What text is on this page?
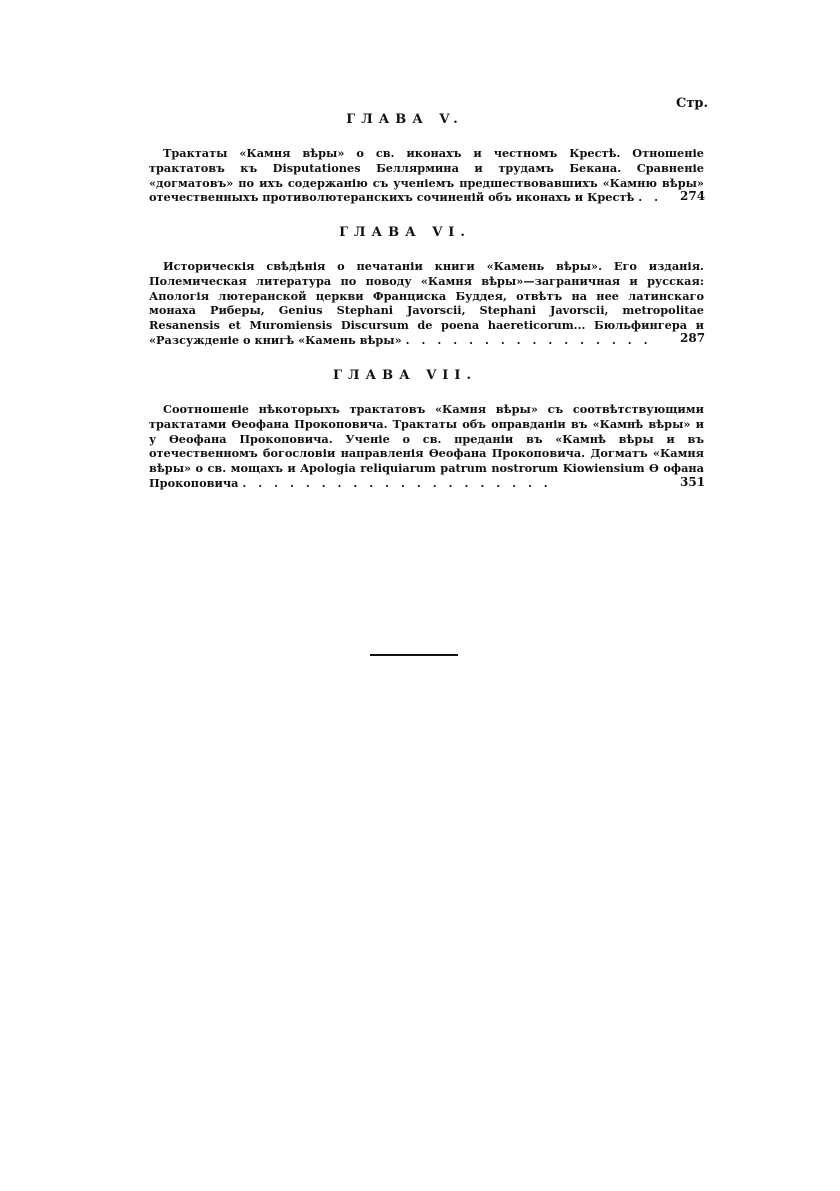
Стр.
ГЛАВА V.
Трактаты «Камня вѣры» о св. иконахъ и честномъ Крестѣ. Отношеніе трактатовъ къ Disputationes Беллярмина и трудамъ Бекана. Сравненіе «догматовъ» по ихъ содержанію съ ученіемъ предшествовавшихъ «Камню вѣры» отечественныхъ противолютеранскихъ сочиненій объ иконахъ и Крестѣ . .	274
ГЛАВА VI.
Историческія свѣдѣнія о печатаніи книги «Камень вѣры». Его изданія. Полемическая литература по поводу «Камня вѣры»—заграничная и русская: Апологія лютеранской церкви Франциска Буддея, отвѣтъ на нее латинскаго монаха Риберы, Genius Stephani Javorscii, Stephani Javorscii, metropolitae Resanensis et Muromiensis Discursum de poena haereticorum... Бюльфингера и «Разсужденіе о книгѣ «Камень вѣры» . . . . . . . . . . . . . . . .	287
ГЛАВА VII.
Соотношеніе нѣкоторыхъ трактатовъ «Камня вѣры» съ соотвѣтствующими трактатами Ѳеофана Прокоповича. Трактаты объ оправданіи въ «Камнѣ вѣры» и у Ѳеофана Прокоповича. Ученіе о св. преданіи въ «Камнѣ вѣры и въ отечественномъ богословіи направленія Ѳеофана Прокоповича. Догматъ «Камня вѣры» о св. мощахъ и Apologia reliquiarum patrum nostrorum Kiowiensium Ѳ офана Прокоповича . . . . . . . . . . . . . . . . . . . .	351
